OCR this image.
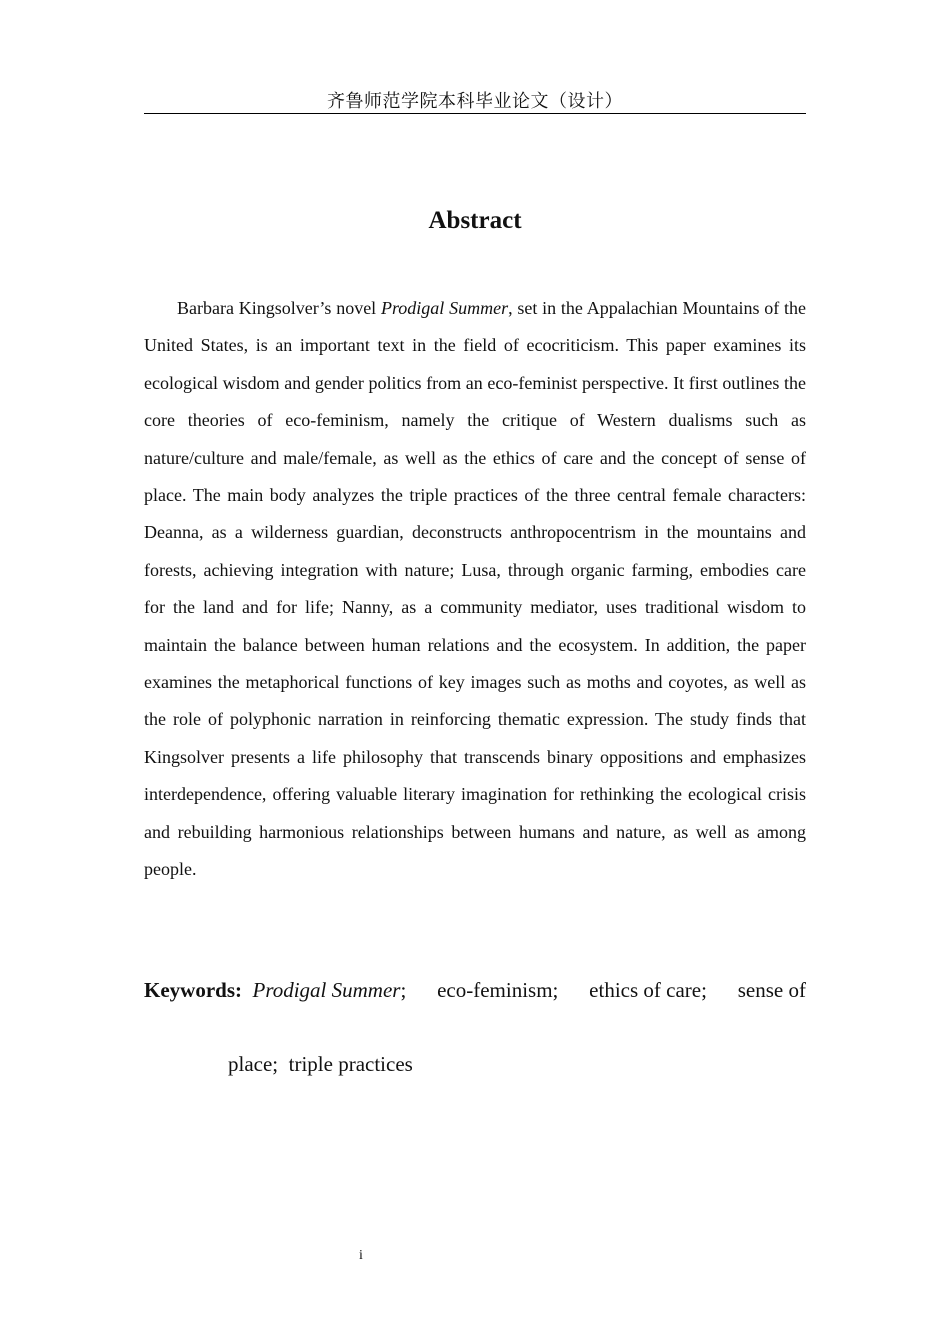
齐鲁师范学院本科毕业论文（设计）
Abstract

Barbara Kingsolver’s novel Prodigal Summer, set in the Appalachian Mountains of the United States, is an important text in the field of ecocriticism. This paper examines its ecological wisdom and gender politics from an eco-feminist perspective. It first outlines the core theories of eco-feminism, namely the critique of Western dualisms such as nature/culture and male/female, as well as the ethics of care and the concept of sense of place. The main body analyzes the triple practices of the three central female characters: Deanna, as a wilderness guardian, deconstructs anthropocentrism in the mountains and forests, achieving integration with nature; Lusa, through organic farming, embodies care for the land and for life; Nanny, as a community mediator, uses traditional wisdom to maintain the balance between human relations and the ecosystem. In addition, the paper examines the metaphorical functions of key images such as moths and coyotes, as well as the role of polyphonic narration in reinforcing thematic expression. The study finds that Kingsolver presents a life philosophy that transcends binary oppositions and emphasizes interdependence, offering valuable literary imagination for rethinking the ecological crisis and rebuilding harmonious relationships between humans and nature, as well as among people.

Keywords: Prodigal Summer; eco-feminism; ethics of care; sense of
place; triple practices
i
